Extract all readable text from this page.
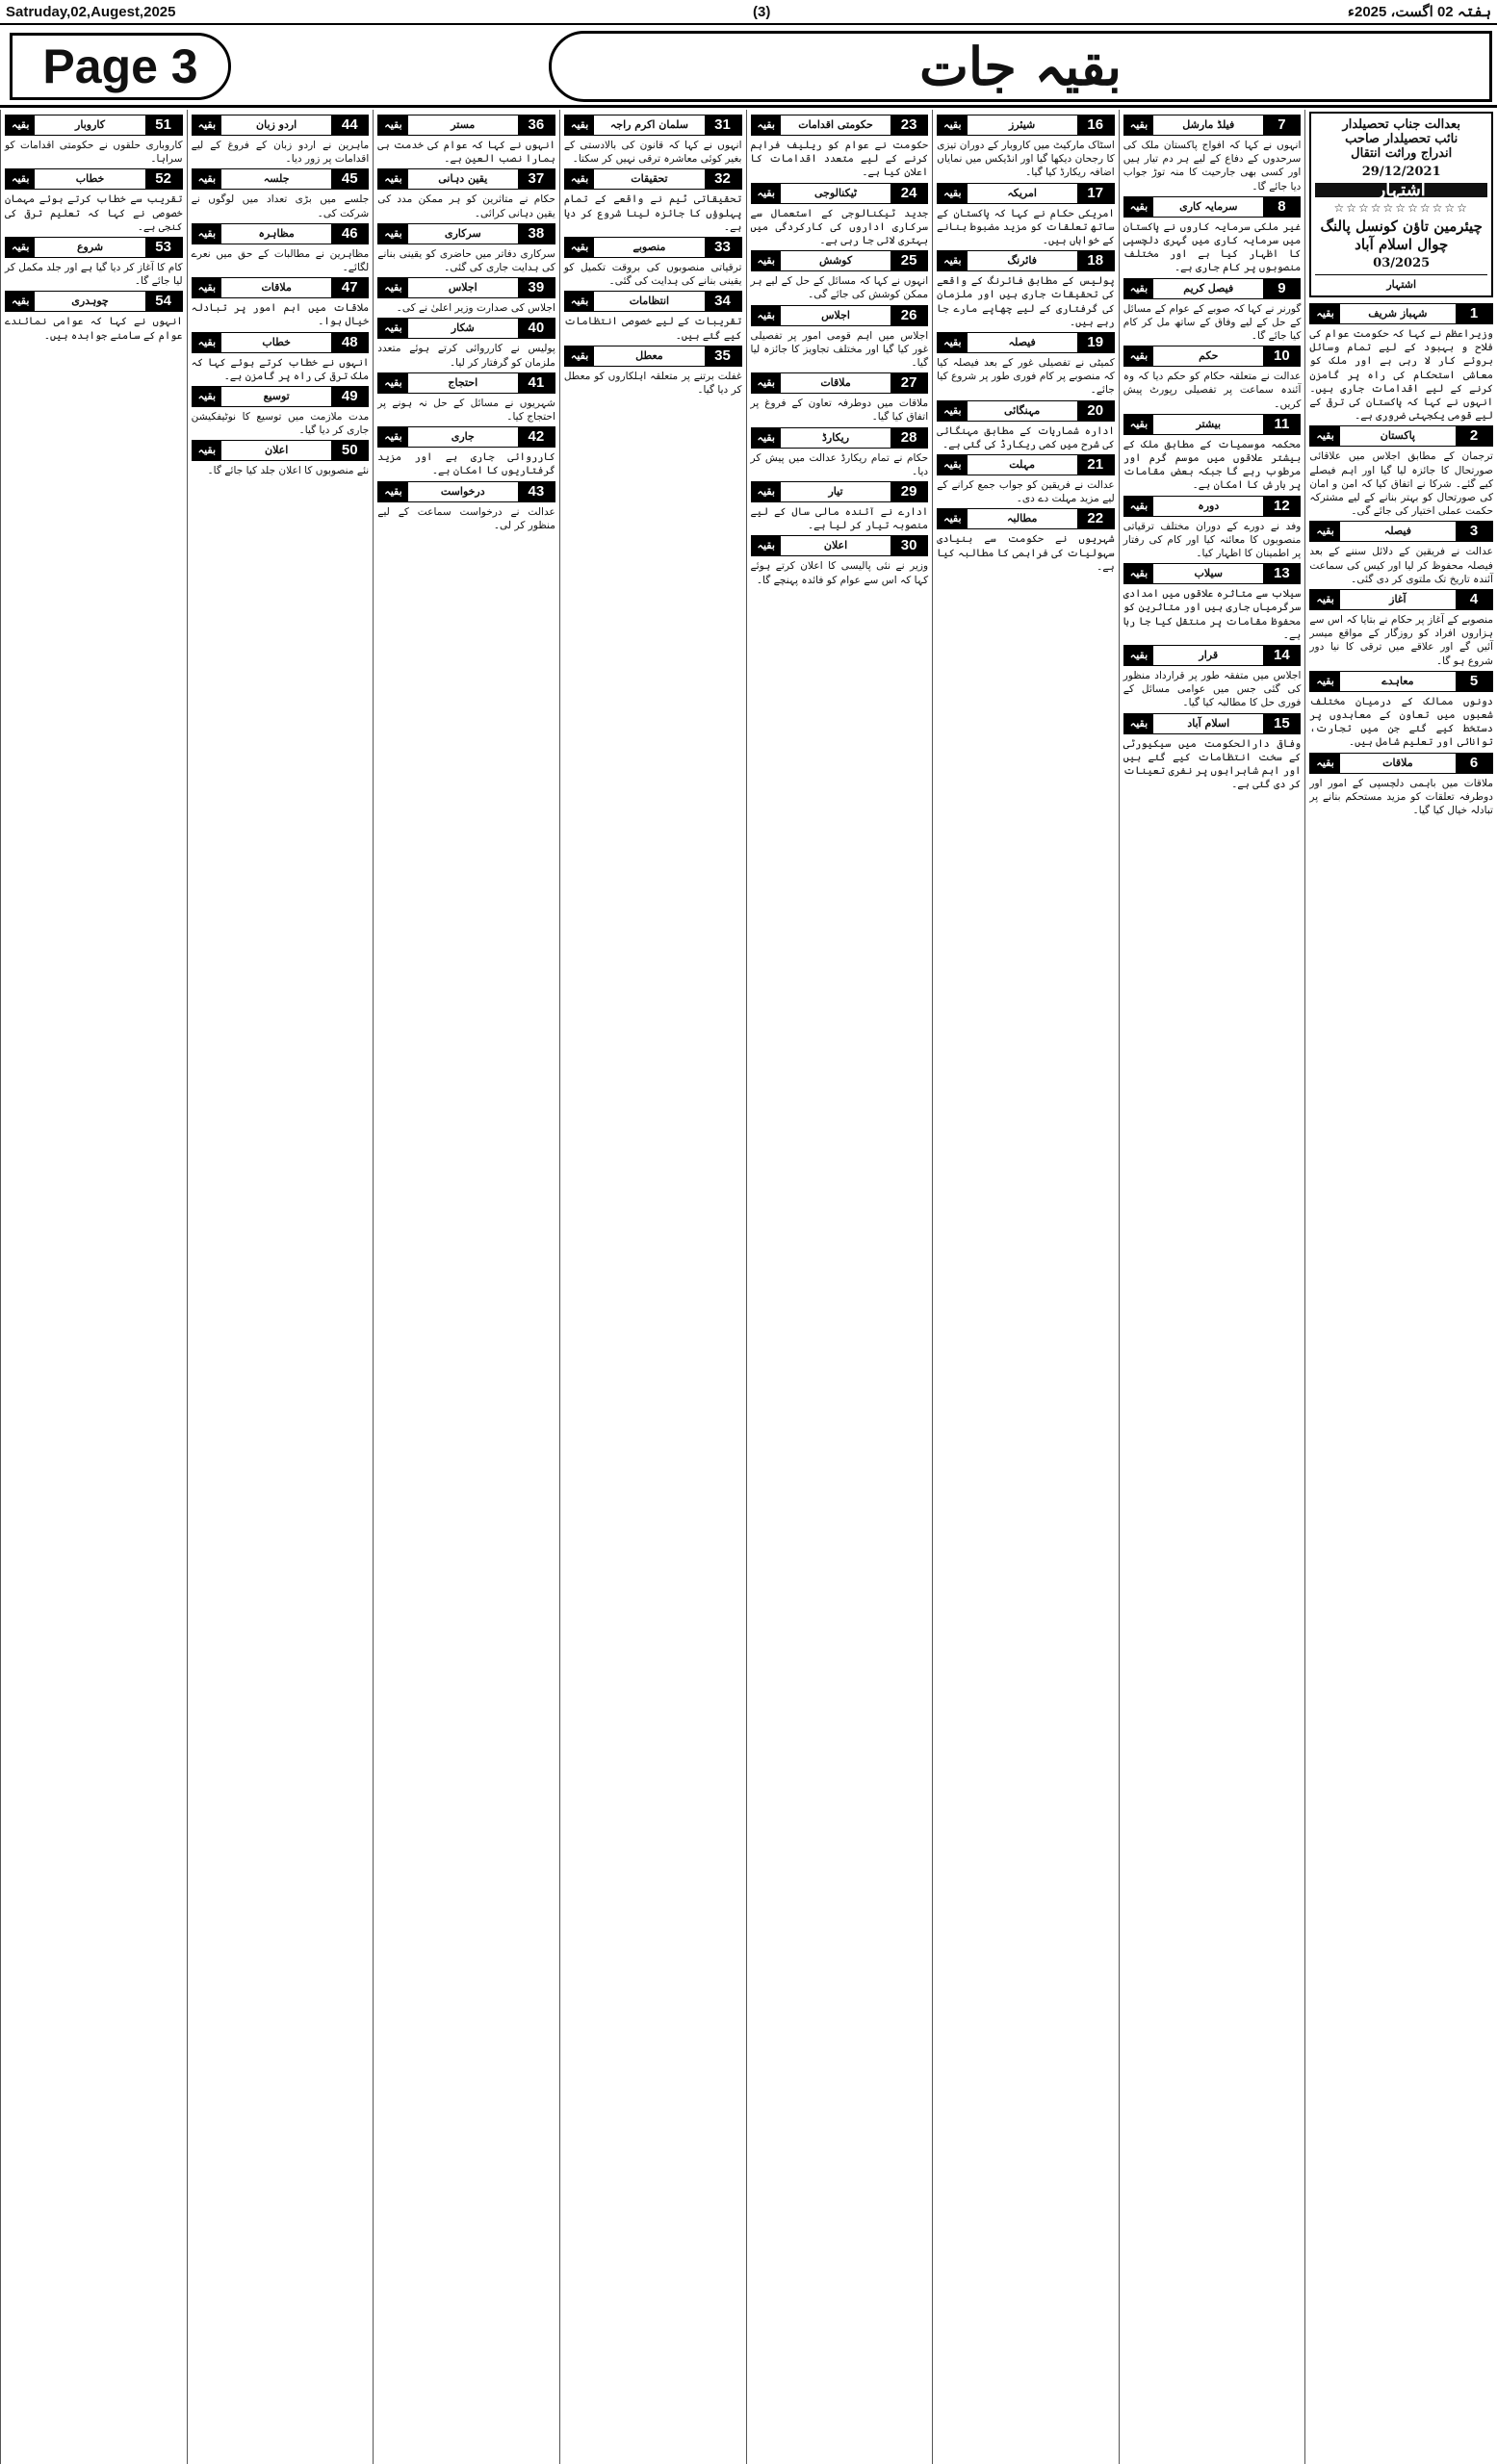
Satruday,02,Augest,2025	(3)	ہفتہ 02 اگست، 2025ء
Page 3	بقیہ جات
بعدالت جناب تحصیلدار
نائب تحصیلدار صاحب
اندراج وراثت انتقال
29/12/2021
اشتہار
☆☆☆☆☆☆☆☆☆☆☆
چیئرمین تاؤن کونسل پالنگ
چوال اسلام آباد
03/2025
اشتہار
1
شہباز شریف
بقیہ

وزیراعظم نے کہا کہ حکومت عوام کی فلاح و بہبود کے لیے تمام وسائل بروئے کار لا رہی ہے اور ملک کو معاشی استحکام کی راہ پر گامزن کرنے کے لیے اقدامات جاری ہیں۔ انہوں نے کہا کہ پاکستان کی ترقی کے لیے قومی یکجہتی ضروری ہے۔

2
پاکستان
بقیہ

ترجمان کے مطابق اجلاس میں علاقائی صورتحال کا جائزہ لیا گیا اور اہم فیصلے کیے گئے۔ شرکا نے اتفاق کیا کہ امن و امان کی صورتحال کو بہتر بنانے کے لیے مشترکہ حکمت عملی اختیار کی جائے گی۔

3
فیصلہ
بقیہ

عدالت نے فریقین کے دلائل سننے کے بعد فیصلہ محفوظ کر لیا اور کیس کی سماعت آئندہ تاریخ تک ملتوی کر دی گئی۔

4
آغاز
بقیہ

منصوبے کے آغاز پر حکام نے بتایا کہ اس سے ہزاروں افراد کو روزگار کے مواقع میسر آئیں گے اور علاقے میں ترقی کا نیا دور شروع ہو گا۔

5
معاہدے
بقیہ

دونوں ممالک کے درمیان مختلف شعبوں میں تعاون کے معاہدوں پر دستخط کیے گئے جن میں تجارت، توانائی اور تعلیم شامل ہیں۔

6
ملاقات
بقیہ

ملاقات میں باہمی دلچسپی کے امور اور دوطرفہ تعلقات کو مزید مستحکم بنانے پر تبادلہ خیال کیا گیا۔

7
فیلڈ مارشل
بقیہ

انہوں نے کہا کہ افواج پاکستان ملک کی سرحدوں کے دفاع کے لیے ہر دم تیار ہیں اور کسی بھی جارحیت کا منہ توڑ جواب دیا جائے گا۔

8
سرمایہ کاری
بقیہ

غیر ملکی سرمایہ کاروں نے پاکستان میں سرمایہ کاری میں گہری دلچسپی کا اظہار کیا ہے اور مختلف منصوبوں پر کام جاری ہے۔

9
فیصل کریم
بقیہ

گورنر نے کہا کہ صوبے کے عوام کے مسائل کے حل کے لیے وفاق کے ساتھ مل کر کام کیا جائے گا۔

10
حکم
بقیہ

عدالت نے متعلقہ حکام کو حکم دیا کہ وہ آئندہ سماعت پر تفصیلی رپورٹ پیش کریں۔

11
بیشتر
بقیہ

محکمہ موسمیات کے مطابق ملک کے بیشتر علاقوں میں موسم گرم اور مرطوب رہے گا جبکہ بعض مقامات پر بارش کا امکان ہے۔

12
دورہ
بقیہ

وفد نے دورے کے دوران مختلف ترقیاتی منصوبوں کا معائنہ کیا اور کام کی رفتار پر اطمینان کا اظہار کیا۔

13
سیلاب
بقیہ

سیلاب سے متاثرہ علاقوں میں امدادی سرگرمیاں جاری ہیں اور متاثرین کو محفوظ مقامات پر منتقل کیا جا رہا ہے۔

14
قرار
بقیہ

اجلاس میں متفقہ طور پر قرارداد منظور کی گئی جس میں عوامی مسائل کے فوری حل کا مطالبہ کیا گیا۔

15
اسلام آباد
بقیہ

وفاقی دارالحکومت میں سیکیورٹی کے سخت انتظامات کیے گئے ہیں اور اہم شاہراہوں پر نفری تعینات کر دی گئی ہے۔

16
شیئرز
بقیہ

اسٹاک مارکیٹ میں کاروبار کے دوران تیزی کا رجحان دیکھا گیا اور انڈیکس میں نمایاں اضافہ ریکارڈ کیا گیا۔

17
امریکہ
بقیہ

امریکی حکام نے کہا کہ پاکستان کے ساتھ تعلقات کو مزید مضبوط بنانے کے خواہاں ہیں۔

18
فائرنگ
بقیہ

پولیس کے مطابق فائرنگ کے واقعے کی تحقیقات جاری ہیں اور ملزمان کی گرفتاری کے لیے چھاپے مارے جا رہے ہیں۔

19
فیصلہ
بقیہ

کمیٹی نے تفصیلی غور کے بعد فیصلہ کیا کہ منصوبے پر کام فوری طور پر شروع کیا جائے۔

20
مہنگائی
بقیہ

ادارہ شماریات کے مطابق مہنگائی کی شرح میں کمی ریکارڈ کی گئی ہے۔

21
مہلت
بقیہ

عدالت نے فریقین کو جواب جمع کرانے کے لیے مزید مہلت دے دی۔

22
مطالبہ
بقیہ

شہریوں نے حکومت سے بنیادی سہولیات کی فراہمی کا مطالبہ کیا ہے۔

23
حکومتی اقدامات
بقیہ

حکومت نے عوام کو ریلیف فراہم کرنے کے لیے متعدد اقدامات کا اعلان کیا ہے۔

24
ٹیکنالوجی
بقیہ

جدید ٹیکنالوجی کے استعمال سے سرکاری اداروں کی کارکردگی میں بہتری لائی جا رہی ہے۔

25
کوشش
بقیہ

انہوں نے کہا کہ مسائل کے حل کے لیے ہر ممکن کوشش کی جائے گی۔

26
اجلاس
بقیہ

اجلاس میں اہم قومی امور پر تفصیلی غور کیا گیا اور مختلف تجاویز کا جائزہ لیا گیا۔

27
ملاقات
بقیہ

ملاقات میں دوطرفہ تعاون کے فروغ پر اتفاق کیا گیا۔

28
ریکارڈ
بقیہ

حکام نے تمام ریکارڈ عدالت میں پیش کر دیا۔

29
تیار
بقیہ

ادارے نے آئندہ مالی سال کے لیے منصوبہ تیار کر لیا ہے۔

30
اعلان
بقیہ

وزیر نے نئی پالیسی کا اعلان کرتے ہوئے کہا کہ اس سے عوام کو فائدہ پہنچے گا۔

31
سلمان اکرم راجہ
بقیہ

انہوں نے کہا کہ قانون کی بالادستی کے بغیر کوئی معاشرہ ترقی نہیں کر سکتا۔

32
تحقیقات
بقیہ

تحقیقاتی ٹیم نے واقعے کے تمام پہلوؤں کا جائزہ لینا شروع کر دیا ہے۔

33
منصوبے
بقیہ

ترقیاتی منصوبوں کی بروقت تکمیل کو یقینی بنانے کی ہدایت کی گئی۔

34
انتظامات
بقیہ

تقریبات کے لیے خصوصی انتظامات کیے گئے ہیں۔

35
معطل
بقیہ

غفلت برتنے پر متعلقہ اہلکاروں کو معطل کر دیا گیا۔

36
مستر
بقیہ

انہوں نے کہا کہ عوام کی خدمت ہی ہمارا نصب العین ہے۔

37
یقین دہانی
بقیہ

حکام نے متاثرین کو ہر ممکن مدد کی یقین دہانی کرائی۔

38
سرکاری
بقیہ

سرکاری دفاتر میں حاضری کو یقینی بنانے کی ہدایت جاری کی گئی۔

39
اجلاس
بقیہ

اجلاس کی صدارت وزیر اعلیٰ نے کی۔

40
شکار
بقیہ

پولیس نے کارروائی کرتے ہوئے متعدد ملزمان کو گرفتار کر لیا۔

41
احتجاج
بقیہ

شہریوں نے مسائل کے حل نہ ہونے پر احتجاج کیا۔

42
جاری
بقیہ

کارروائی جاری ہے اور مزید گرفتاریوں کا امکان ہے۔

43
درخواست
بقیہ

عدالت نے درخواست سماعت کے لیے منظور کر لی۔

44
اردو زبان
بقیہ

ماہرین نے اردو زبان کے فروغ کے لیے اقدامات پر زور دیا۔

45
جلسہ
بقیہ

جلسے میں بڑی تعداد میں لوگوں نے شرکت کی۔

46
مظاہرہ
بقیہ

مظاہرین نے مطالبات کے حق میں نعرے لگائے۔

47
ملاقات
بقیہ

ملاقات میں اہم امور پر تبادلہ خیال ہوا۔

48
خطاب
بقیہ

انہوں نے خطاب کرتے ہوئے کہا کہ ملک ترقی کی راہ پر گامزن ہے۔

49
توسیع
بقیہ

مدت ملازمت میں توسیع کا نوٹیفکیشن جاری کر دیا گیا۔

50
اعلان
بقیہ

نئے منصوبوں کا اعلان جلد کیا جائے گا۔

51
کاروبار
بقیہ

کاروباری حلقوں نے حکومتی اقدامات کو سراہا۔

52
خطاب
بقیہ

تقریب سے خطاب کرتے ہوئے مہمان خصوصی نے کہا کہ تعلیم ترقی کی کنجی ہے۔

53
شروع
بقیہ

کام کا آغاز کر دیا گیا ہے اور جلد مکمل کر لیا جائے گا۔

54
چوہدری
بقیہ

انہوں نے کہا کہ عوامی نمائندے عوام کے سامنے جوابدہ ہیں۔
